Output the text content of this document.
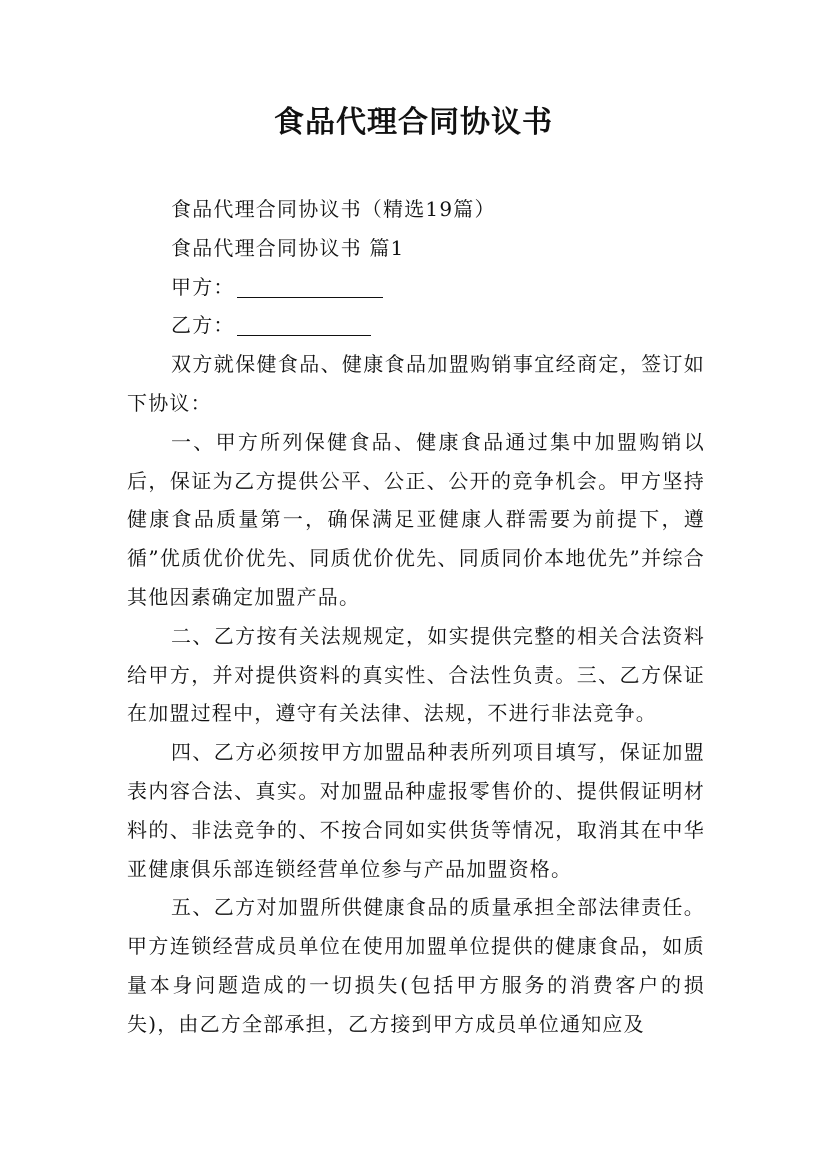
食品代理合同协议书

食品代理合同协议书（精选19篇）

食品代理合同协议书 篇1

甲方：

乙方：

双方就保健食品、健康食品加盟购销事宜经商定，签订如下协议：

一、甲方所列保健食品、健康食品通过集中加盟购销以后，保证为乙方提供公平、公正、公开的竞争机会。甲方坚持健康食品质量第一，确保满足亚健康人群需要为前提下，遵循”优质优价优先、同质优价优先、同质同价本地优先”并综合其他因素确定加盟产品。

二、乙方按有关法规规定，如实提供完整的相关合法资料给甲方，并对提供资料的真实性、合法性负责。三、乙方保证在加盟过程中，遵守有关法律、法规，不进行非法竞争。

四、乙方必须按甲方加盟品种表所列项目填写，保证加盟表内容合法、真实。对加盟品种虚报零售价的、提供假证明材料的、非法竞争的、不按合同如实供货等情况，取消其在中华亚健康俱乐部连锁经营单位参与产品加盟资格。

五、乙方对加盟所供健康食品的质量承担全部法律责任。甲方连锁经营成员单位在使用加盟单位提供的健康食品，如质量本身问题造成的一切损失(包括甲方服务的消费客户的损失)，由乙方全部承担，乙方接到甲方成员单位通知应及
